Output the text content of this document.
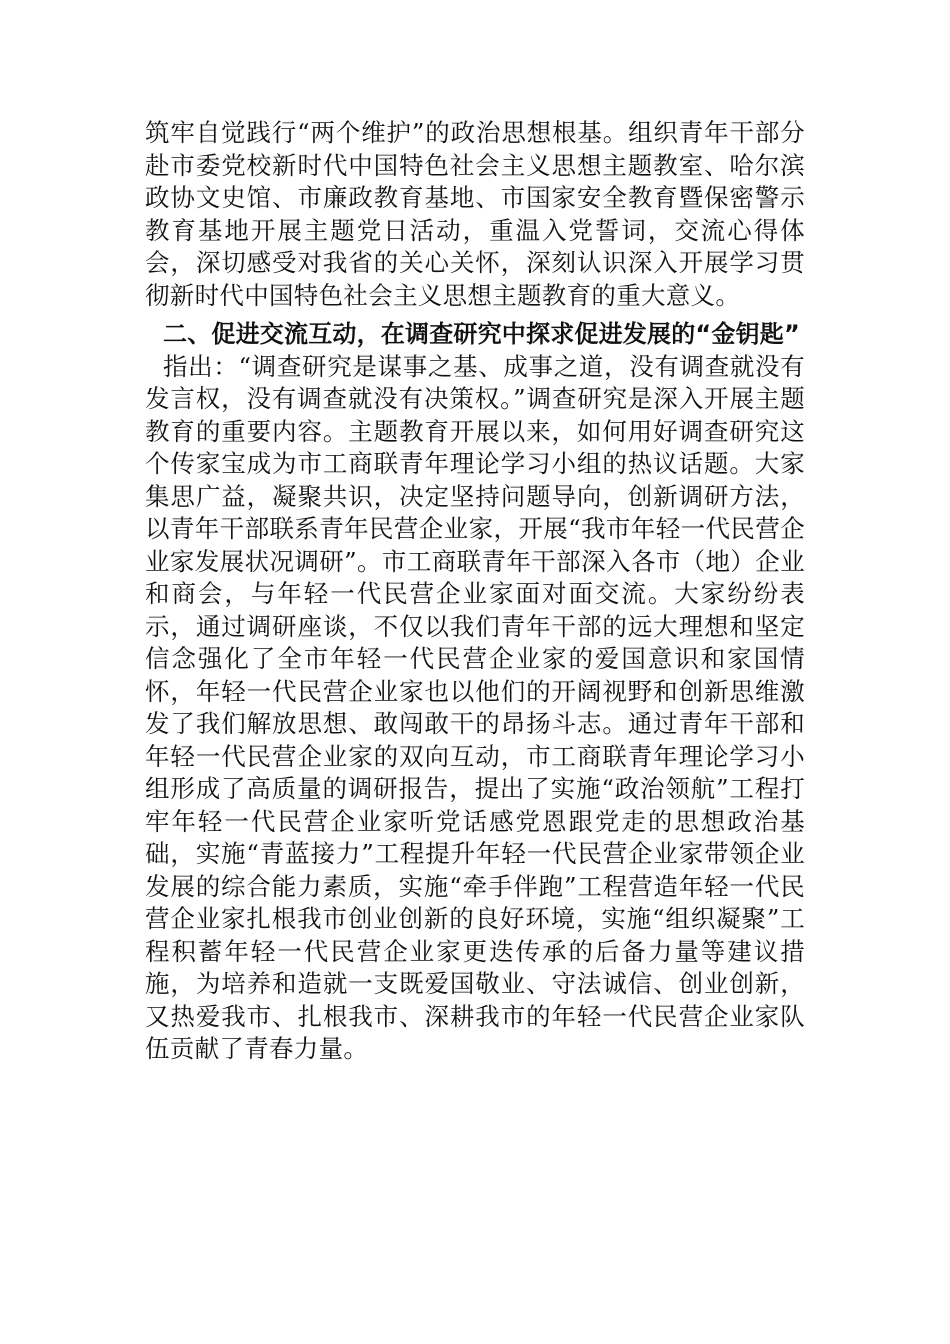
筑牢自觉践行“两个维护”的政治思想根基。组织青年干部分赴市委党校新时代中国特色社会主义思想主题教室、哈尔滨政协文史馆、市廉政教育基地、市国家安全教育暨保密警示教育基地开展主题党日活动，重温入党誓词，交流心得体会，深切感受对我省的关心关怀，深刻认识深入开展学习贯彻新时代中国特色社会主义思想主题教育的重大意义。

二、促进交流互动，在调查研究中探求促进发展的“金钥匙”

指出：“调查研究是谋事之基、成事之道，没有调查就没有发言权，没有调查就没有决策权。”调查研究是深入开展主题教育的重要内容。主题教育开展以来，如何用好调查研究这个传家宝成为市工商联青年理论学习小组的热议话题。大家集思广益，凝聚共识，决定坚持问题导向，创新调研方法，以青年干部联系青年民营企业家，开展“我市年轻一代民营企业家发展状况调研”。市工商联青年干部深入各市（地）企业和商会，与年轻一代民营企业家面对面交流。大家纷纷表示，通过调研座谈，不仅以我们青年干部的远大理想和坚定信念强化了全市年轻一代民营企业家的爱国意识和家国情怀，年轻一代民营企业家也以他们的开阔视野和创新思维激发了我们解放思想、敢闯敢干的昂扬斗志。通过青年干部和年轻一代民营企业家的双向互动，市工商联青年理论学习小组形成了高质量的调研报告，提出了实施“政治领航”工程打牢年轻一代民营企业家听党话感党恩跟党走的思想政治基础，实施“青蓝接力”工程提升年轻一代民营企业家带领企业发展的综合能力素质，实施“牵手伴跑”工程营造年轻一代民营企业家扎根我市创业创新的良好环境，实施“组织凝聚”工程积蓄年轻一代民营企业家更迭传承的后备力量等建议措施，为培养和造就一支既爱国敬业、守法诚信、创业创新，又热爱我市、扎根我市、深耕我市的年轻一代民营企业家队伍贡献了青春力量。
